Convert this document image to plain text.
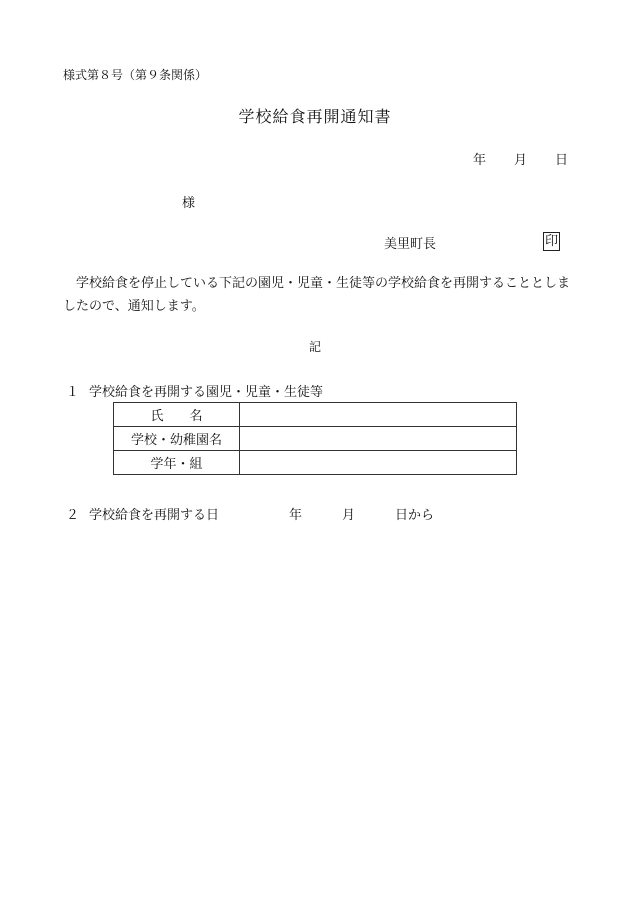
様式第８号（第９条関係）
学校給食再開通知書
年 月 日
様
美里町長	印
学校給食を停止している下記の園児・児童・生徒等の学校給食を再開することとしましたので、通知します。
記
１ 学校給食を再開する園児・児童・生徒等
氏　　名	
学校・幼稚園名	
学年・組	
２ 学校給食を再開する日	年	月	日から
